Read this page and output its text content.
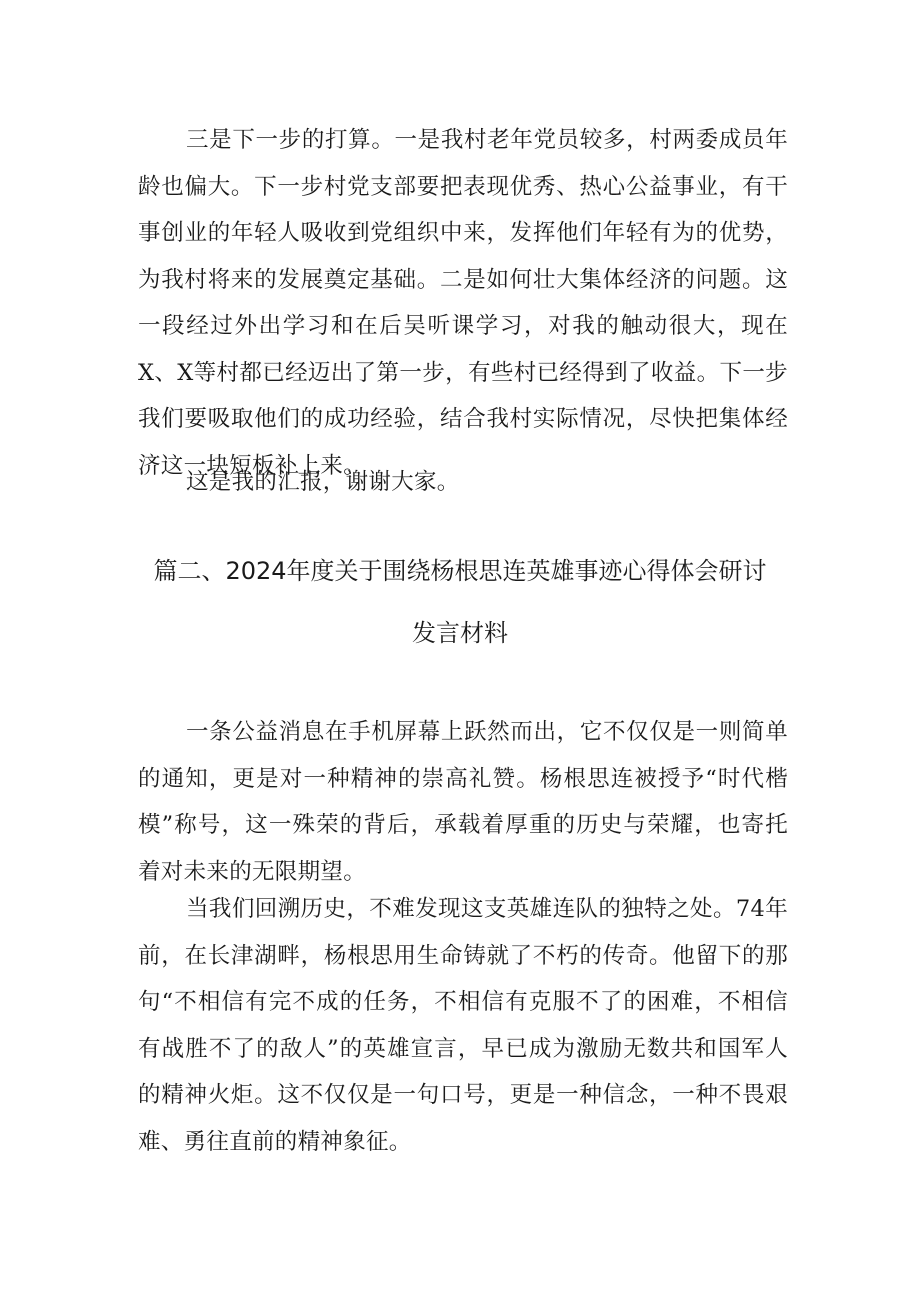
三是下一步的打算。一是我村老年党员较多，村两委成员年龄也偏大。下一步村党支部要把表现优秀、热心公益事业，有干事创业的年轻人吸收到党组织中来，发挥他们年轻有为的优势，为我村将来的发展奠定基础。二是如何壮大集体经济的问题。这一段经过外出学习和在后吴听课学习，对我的触动很大，现在X、X等村都已经迈出了第一步，有些村已经得到了收益。下一步我们要吸取他们的成功经验，结合我村实际情况，尽快把集体经济这一块短板补上来。

这是我的汇报，谢谢大家。

篇二、2024年度关于围绕杨根思连英雄事迹心得体会研讨
发言材料

一条公益消息在手机屏幕上跃然而出，它不仅仅是一则简单的通知，更是对一种精神的崇高礼赞。杨根思连被授予“时代楷模”称号，这一殊荣的背后，承载着厚重的历史与荣耀，也寄托着对未来的无限期望。

当我们回溯历史，不难发现这支英雄连队的独特之处。74年前，在长津湖畔，杨根思用生命铸就了不朽的传奇。他留下的那句“不相信有完不成的任务，不相信有克服不了的困难，不相信有战胜不了的敌人”的英雄宣言，早已成为激励无数共和国军人的精神火炬。这不仅仅是一句口号，更是一种信念，一种不畏艰难、勇往直前的精神象征。
